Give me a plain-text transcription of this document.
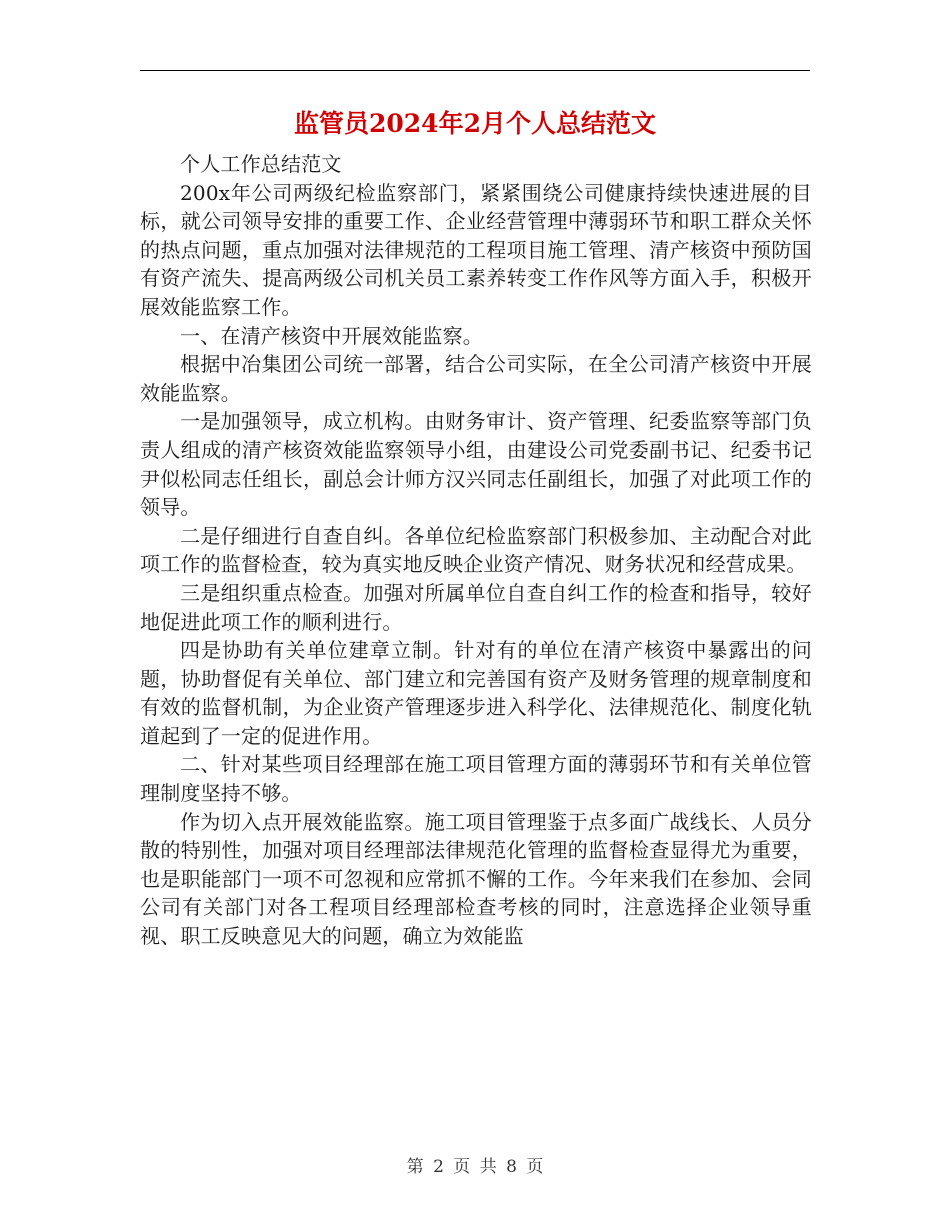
监管员2024年2月个人总结范文

个人工作总结范文

200x年公司两级纪检监察部门，紧紧围绕公司健康持续快速进展的目标，就公司领导安排的重要工作、企业经营管理中薄弱环节和职工群众关怀的热点问题，重点加强对法律规范的工程项目施工管理、清产核资中预防国有资产流失、提高两级公司机关员工素养转变工作作风等方面入手，积极开展效能监察工作。

一、在清产核资中开展效能监察。

根据中冶集团公司统一部署，结合公司实际，在全公司清产核资中开展效能监察。

一是加强领导，成立机构。由财务审计、资产管理、纪委监察等部门负责人组成的清产核资效能监察领导小组，由建设公司党委副书记、纪委书记尹似松同志任组长，副总会计师方汉兴同志任副组长，加强了对此项工作的领导。

二是仔细进行自查自纠。各单位纪检监察部门积极参加、主动配合对此项工作的监督检查，较为真实地反映企业资产情况、财务状况和经营成果。

三是组织重点检查。加强对所属单位自查自纠工作的检查和指导，较好地促进此项工作的顺利进行。

四是协助有关单位建章立制。针对有的单位在清产核资中暴露出的问题，协助督促有关单位、部门建立和完善国有资产及财务管理的规章制度和有效的监督机制，为企业资产管理逐步进入科学化、法律规范化、制度化轨道起到了一定的促进作用。

二、针对某些项目经理部在施工项目管理方面的薄弱环节和有关单位管理制度坚持不够。

作为切入点开展效能监察。施工项目管理鉴于点多面广战线长、人员分散的特别性，加强对项目经理部法律规范化管理的监督检查显得尤为重要，也是职能部门一项不可忽视和应常抓不懈的工作。今年来我们在参加、会同公司有关部门对各工程项目经理部检查考核的同时，注意选择企业领导重视、职工反映意见大的问题，确立为效能监

第 2 页 共 8 页
